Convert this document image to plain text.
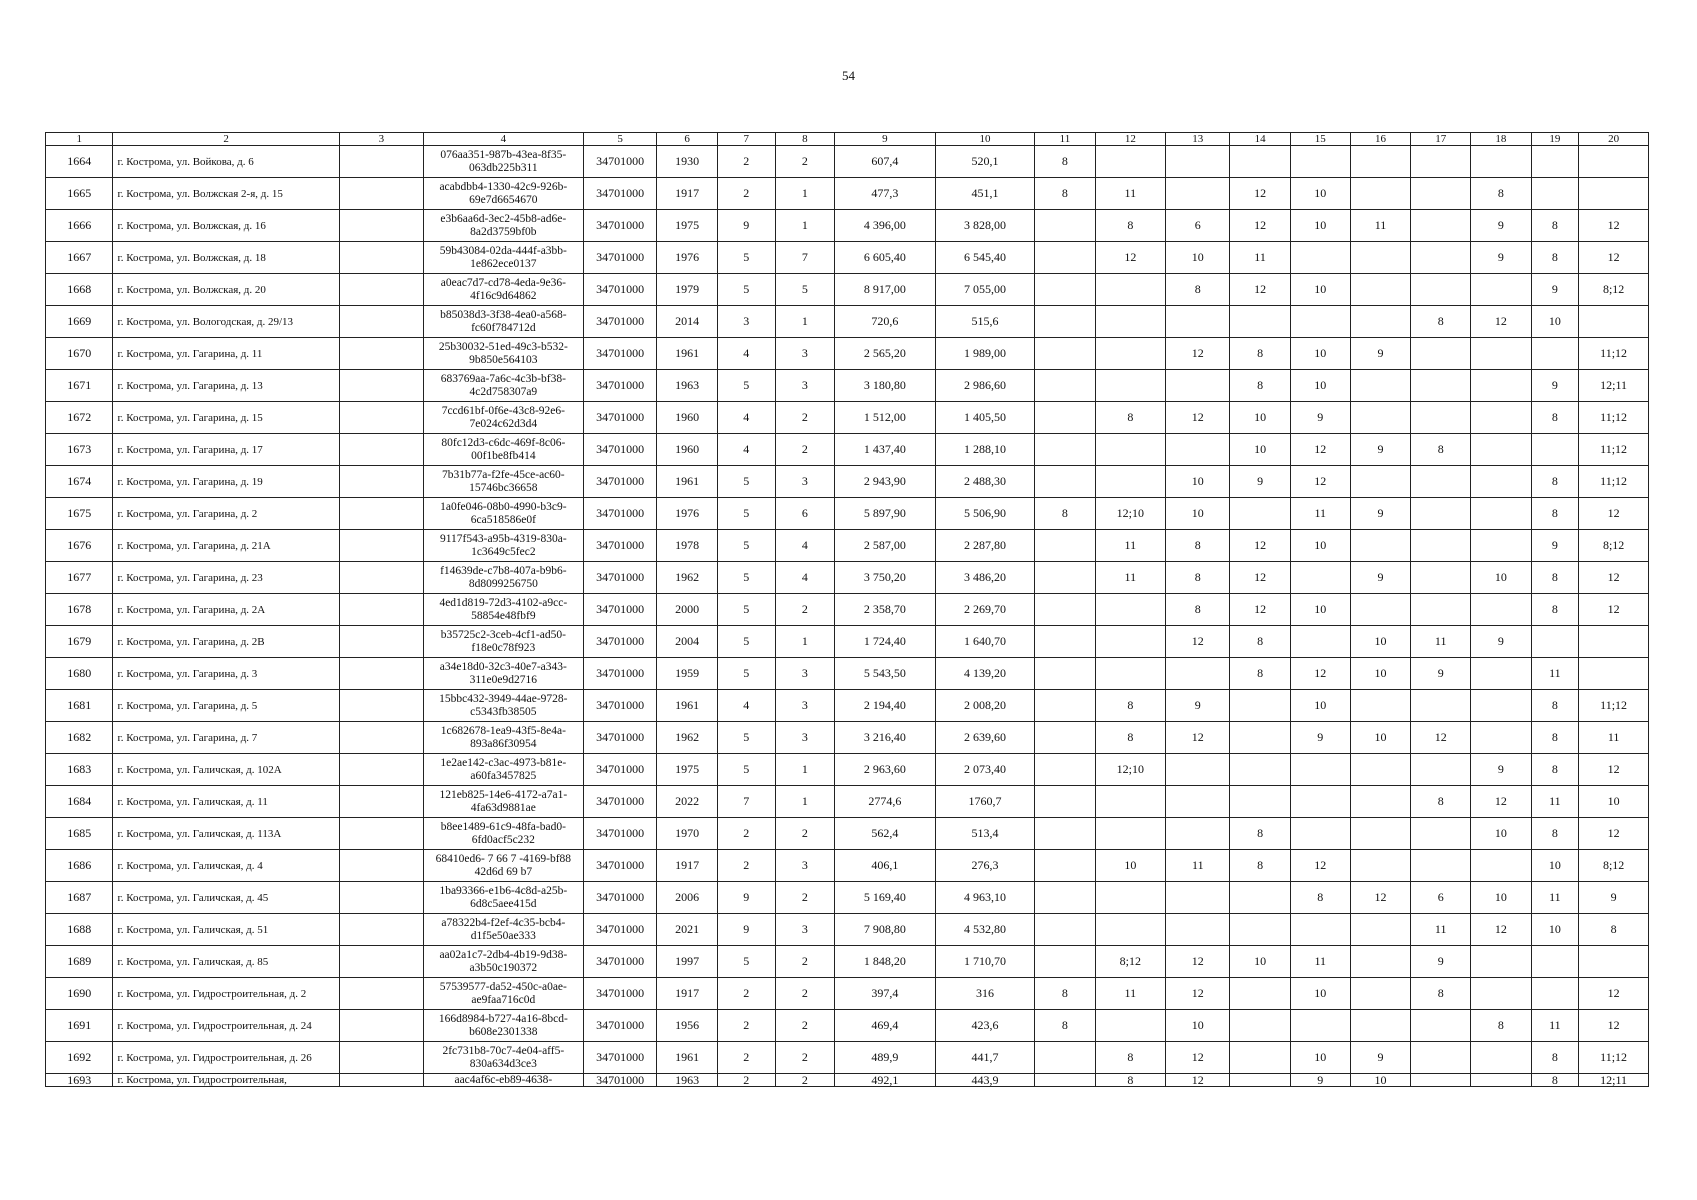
54
1	2	3	4	5	6	7	8	9	10	11	12	13	14	15	16	17	18	19	20
1664	г. Кострома, ул. Войкова, д. 6		076aa351-987b-43ea-8f35-063db225b311	34701000	1930	2	2	607,4	520,1	8									
1665	г. Кострома, ул. Волжская 2-я, д. 15		acabdbb4-1330-42c9-926b-69e7d6654670	34701000	1917	2	1	477,3	451,1	8	11		12	10			8		
1666	г. Кострома, ул. Волжская, д. 16		e3b6aa6d-3ec2-45b8-ad6e-8a2d3759bf0b	34701000	1975	9	1	4 396,00	3 828,00		8	6	12	10	11		9	8	12
1667	г. Кострома, ул. Волжская, д. 18		59b43084-02da-444f-a3bb-1e862ece0137	34701000	1976	5	7	6 605,40	6 545,40		12	10	11				9	8	12
1668	г. Кострома, ул. Волжская, д. 20		a0eac7d7-cd78-4eda-9e36-4f16c9d64862	34701000	1979	5	5	8 917,00	7 055,00			8	12	10				9	8;12
1669	г. Кострома, ул. Вологодская, д. 29/13		b85038d3-3f38-4ea0-a568-fc60f784712d	34701000	2014	3	1	720,6	515,6							8	12	10	
1670	г. Кострома, ул. Гагарина, д. 11		25b30032-51ed-49c3-b532-9b850e564103	34701000	1961	4	3	2 565,20	1 989,00			12	8	10	9				11;12
1671	г. Кострома, ул. Гагарина, д. 13		683769aa-7a6c-4c3b-bf38-4c2d758307a9	34701000	1963	5	3	3 180,80	2 986,60				8	10				9	12;11
1672	г. Кострома, ул. Гагарина, д. 15		7ccd61bf-0f6e-43c8-92e6-7e024c62d3d4	34701000	1960	4	2	1 512,00	1 405,50		8	12	10	9				8	11;12
1673	г. Кострома, ул. Гагарина, д. 17		80fc12d3-c6dc-469f-8c06-00f1be8fb414	34701000	1960	4	2	1 437,40	1 288,10				10	12	9	8			11;12
1674	г. Кострома, ул. Гагарина, д. 19		7b31b77a-f2fe-45ce-ac60-15746bc36658	34701000	1961	5	3	2 943,90	2 488,30			10	9	12				8	11;12
1675	г. Кострома, ул. Гагарина, д. 2		1a0fe046-08b0-4990-b3c9-6ca518586e0f	34701000	1976	5	6	5 897,90	5 506,90	8	12;10	10		11	9			8	12
1676	г. Кострома, ул. Гагарина, д. 21А		9117f543-a95b-4319-830a-1c3649c5fec2	34701000	1978	5	4	2 587,00	2 287,80		11	8	12	10				9	8;12
1677	г. Кострома, ул. Гагарина, д. 23		f14639de-c7b8-407a-b9b6-8d8099256750	34701000	1962	5	4	3 750,20	3 486,20		11	8	12		9		10	8	12
1678	г. Кострома, ул. Гагарина, д. 2А		4ed1d819-72d3-4102-a9cc-58854e48fbf9	34701000	2000	5	2	2 358,70	2 269,70			8	12	10				8	12
1679	г. Кострома, ул. Гагарина, д. 2В		b35725c2-3ceb-4cf1-ad50-f18e0c78f923	34701000	2004	5	1	1 724,40	1 640,70			12	8		10	11	9		
1680	г. Кострома, ул. Гагарина, д. 3		a34e18d0-32c3-40e7-a343-311e0e9d2716	34701000	1959	5	3	5 543,50	4 139,20				8	12	10	9		11	
1681	г. Кострома, ул. Гагарина, д. 5		15bbc432-3949-44ae-9728-c5343fb38505	34701000	1961	4	3	2 194,40	2 008,20		8	9		10				8	11;12
1682	г. Кострома, ул. Гагарина, д. 7		1c682678-1ea9-43f5-8e4a-893a86f30954	34701000	1962	5	3	3 216,40	2 639,60		8	12		9	10	12		8	11
1683	г. Кострома, ул. Галичская, д. 102А		1e2ae142-c3ac-4973-b81e-a60fa3457825	34701000	1975	5	1	2 963,60	2 073,40		12;10						9	8	12
1684	г. Кострома, ул. Галичская, д. 11		121eb825-14e6-4172-a7a1-4fa63d9881ae	34701000	2022	7	1	2774,6	1760,7							8	12	11	10
1685	г. Кострома, ул. Галичская, д. 113А		b8ee1489-61c9-48fa-bad0-6fd0acf5c232	34701000	1970	2	2	562,4	513,4				8				10	8	12
1686	г. Кострома, ул. Галичская, д. 4		68410ed6- 7 66 7 -4169-bf88 42d6d 69 b7	34701000	1917	2	3	406,1	276,3		10	11	8	12				10	8;12
1687	г. Кострома, ул. Галичская, д. 45		1ba93366-e1b6-4c8d-a25b-6d8c5aee415d	34701000	2006	9	2	5 169,40	4 963,10					8	12	6	10	11	9
1688	г. Кострома, ул. Галичская, д. 51		a78322b4-f2ef-4c35-bcb4-d1f5e50ae333	34701000	2021	9	3	7 908,80	4 532,80							11	12	10	8
1689	г. Кострома, ул. Галичская, д. 85		aa02a1c7-2db4-4b19-9d38-a3b50c190372	34701000	1997	5	2	1 848,20	1 710,70		8;12	12	10	11		9			
1690	г. Кострома, ул. Гидростроительная, д. 2		57539577-da52-450c-a0ae-ae9faa716c0d	34701000	1917	2	2	397,4	316	8	11	12		10		8			12
1691	г. Кострома, ул. Гидростроительная, д. 24		166d8984-b727-4a16-8bcd-b608e2301338	34701000	1956	2	2	469,4	423,6	8		10					8	11	12
1692	г. Кострома, ул. Гидростроительная, д. 26		2fc731b8-70c7-4e04-aff5-830a634d3ce3	34701000	1961	2	2	489,9	441,7		8	12		10	9			8	11;12
1693	г. Кострома, ул. Гидростроительная,		aac4af6c-eb89-4638-	34701000	1963	2	2	492,1	443,9		8	12		9	10			8	12;11
